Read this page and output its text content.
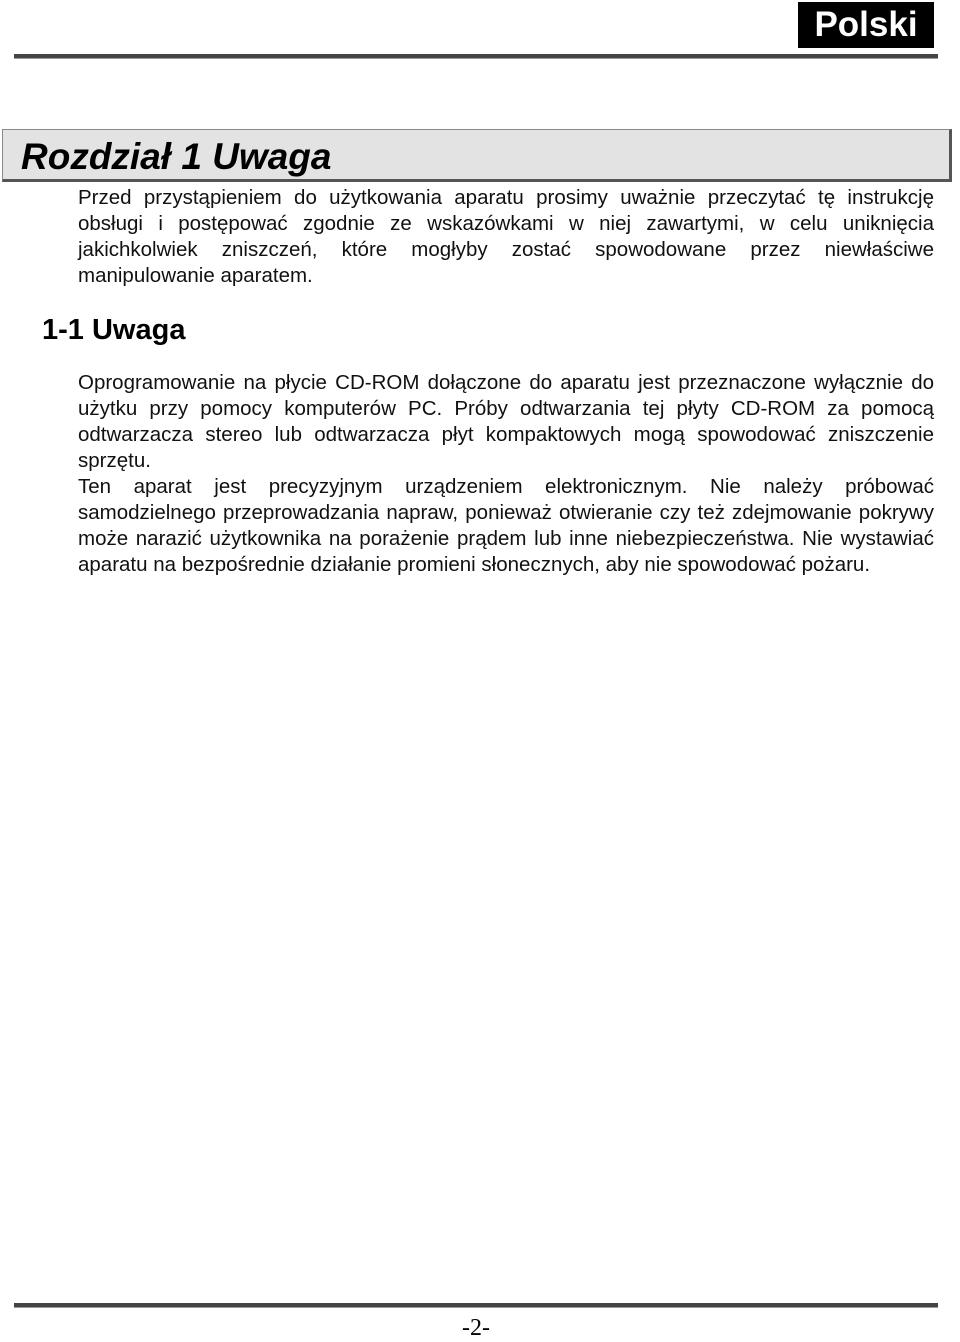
Polski
Rozdział 1 Uwaga

Przed przystąpieniem do użytkowania aparatu prosimy uważnie przeczytać tę instrukcję obsługi i postępować zgodnie ze wskazówkami w niej zawartymi, w celu uniknięcia jakichkolwiek zniszczeń, które mogłyby zostać spowodowane przez niewłaściwe manipulowanie aparatem.

1-1 Uwaga

Oprogramowanie na płycie CD-ROM dołączone do aparatu jest przeznaczone wyłącznie do użytku przy pomocy komputerów PC. Próby odtwarzania tej płyty CD-ROM za pomocą odtwarzacza stereo lub odtwarzacza płyt kompaktowych mogą spowodować zniszczenie sprzętu.

Ten aparat jest precyzyjnym urządzeniem elektronicznym. Nie należy próbować samodzielnego przeprowadzania napraw, ponieważ otwieranie czy też zdejmowanie pokrywy może narazić użytkownika na porażenie prądem lub inne niebezpieczeństwa. Nie wystawiać aparatu na bezpośrednie działanie promieni słonecznych, aby nie spowodować pożaru.

-2-
